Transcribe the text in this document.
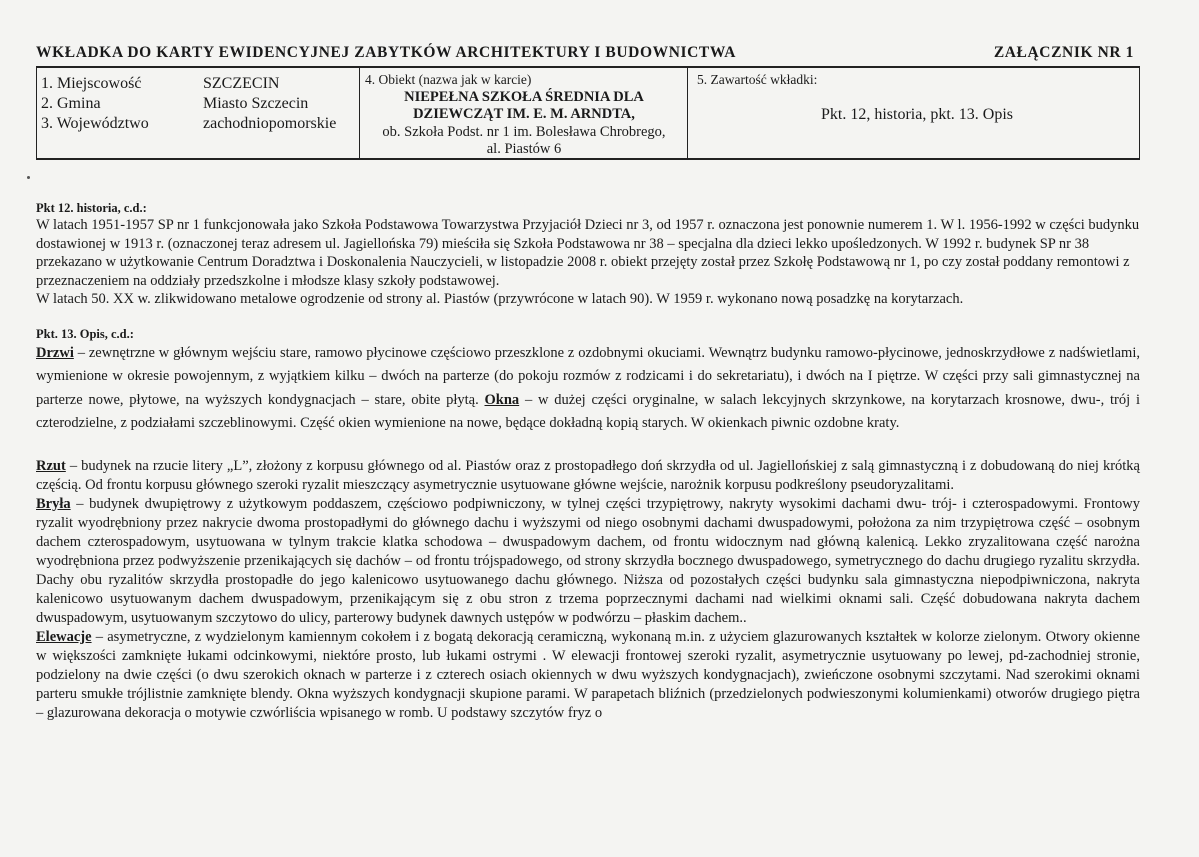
WKŁADKA DO KARTY EWIDENCYJNEJ ZABYTKÓW ARCHITEKTURY I BUDOWNICTWA	ZAŁĄCZNIK NR 1
1. Miejscowość
2. Gmina
3. Województwo
SZCZECIN
Miasto Szczecin
zachodniopomorskie
4. Obiekt (nazwa jak w karcie)
NIEPEŁNA SZKOŁA ŚREDNIA DLA
DZIEWCZĄT IM. E. M. ARNDTA,
ob. Szkoła Podst. nr 1 im. Bolesława Chrobrego,
al. Piastów 6
5. Zawartość wkładki:
Pkt. 12, historia, pkt. 13. Opis
Pkt 12. historia, c.d.:
W latach 1951-1957 SP nr 1 funkcjonowała jako Szkoła Podstawowa Towarzystwa Przyjaciół Dzieci nr 3, od 1957 r. oznaczona jest ponownie numerem 1. W l. 1956-1992 w części budynku dostawionej w 1913 r. (oznaczonej teraz adresem ul. Jagiellońska 79) mieściła się Szkoła Podstawowa nr 38 – specjalna dla dzieci lekko upośledzonych. W 1992 r. budynek SP nr 38 przekazano w użytkowanie Centrum Doradztwa i Doskonalenia Nauczycieli, w listopadzie 2008 r. obiekt przejęty został przez Szkołę Podstawową nr 1, po czy został poddany remontowi z przeznaczeniem na oddziały przedszkolne i młodsze klasy szkoły podstawowej.
W latach 50. XX w. zlikwidowano metalowe ogrodzenie od strony al. Piastów (przywrócone w latach 90). W 1959 r. wykonano nową posadzkę na korytarzach.
Pkt. 13. Opis, c.d.:
Drzwi – zewnętrzne w głównym wejściu stare, ramowo płycinowe częściowo przeszklone z ozdobnymi okuciami. Wewnątrz budynku ramowo-płycinowe, jednoskrzydłowe z nadświetlami, wymienione w okresie powojennym, z wyjątkiem kilku – dwóch na parterze (do pokoju rozmów z rodzicami i do sekretariatu), i dwóch na I piętrze. W części przy sali gimnastycznej na parterze nowe, płytowe, na wyższych kondygnacjach – stare, obite płytą. Okna – w dużej części oryginalne, w salach lekcyjnych skrzynkowe, na korytarzach krosnowe, dwu-, trój i czterodzielne, z podziałami szczeblinowymi. Część okien wymienione na nowe, będące dokładną kopią starych. W okienkach piwnic ozdobne kraty.
Rzut – budynek na rzucie litery „L”, złożony z korpusu głównego od al. Piastów oraz z prostopadłego doń skrzydła od ul. Jagiellońskiej z salą gimnastyczną i z dobudowaną do niej krótką częścią. Od frontu korpusu głównego szeroki ryzalit mieszczący asymetrycznie usytuowane główne wejście, narożnik korpusu podkreślony pseudoryzalitami.
Bryła – budynek dwupiętrowy z użytkowym poddaszem, częściowo podpiwniczony, w tylnej części trzypiętrowy, nakryty wysokimi dachami dwu- trój- i czterospadowymi. Frontowy ryzalit wyodrębniony przez nakrycie dwoma prostopadłymi do głównego dachu i wyższymi od niego osobnymi dachami dwuspadowymi, położona za nim trzypiętrowa część – osobnym dachem czterospadowym, usytuowana w tylnym trakcie klatka schodowa – dwuspadowym dachem, od frontu widocznym nad główną kalenicą. Lekko zryzalitowana część narożna wyodrębniona przez podwyższenie przenikających się dachów – od frontu trójspadowego, od strony skrzydła bocznego dwuspadowego, symetrycznego do dachu drugiego ryzalitu skrzydła. Dachy obu ryzalitów skrzydła prostopadłe do jego kalenicowo usytuowanego dachu głównego. Niższa od pozostałych części budynku sala gimnastyczna niepodpiwniczona, nakryta kalenicowo usytuowanym dachem dwuspadowym, przenikającym się z obu stron z trzema poprzecznymi dachami nad wielkimi oknami sali. Część dobudowana nakryta dachem dwuspadowym, usytuowanym szczytowo do ulicy, parterowy budynek dawnych ustępów w podwórzu – płaskim dachem..
Elewacje – asymetryczne, z wydzielonym kamiennym cokołem i z bogatą dekoracją ceramiczną, wykonaną m.in. z użyciem glazurowanych kształtek w kolorze zielonym. Otwory okienne w większości zamknięte łukami odcinkowymi, niektóre prosto, lub łukami ostrymi . W elewacji frontowej szeroki ryzalit, asymetrycznie usytuowany po lewej, pd-zachodniej stronie, podzielony na dwie części (o dwu szerokich oknach w parterze i z czterech osiach okiennych w dwu wyższych kondygnacjach), zwieńczone osobnymi szczytami. Nad szerokimi oknami parteru smukłe trójlistnie zamknięte blendy. Okna wyższych kondygnacji skupione parami. W parapetach bliźnich (przedzielonych podwieszonymi kolumienkami) otworów drugiego piętra – glazurowana dekoracja o motywie czwórliścia wpisanego w romb. U podstawy szczytów fryz o
